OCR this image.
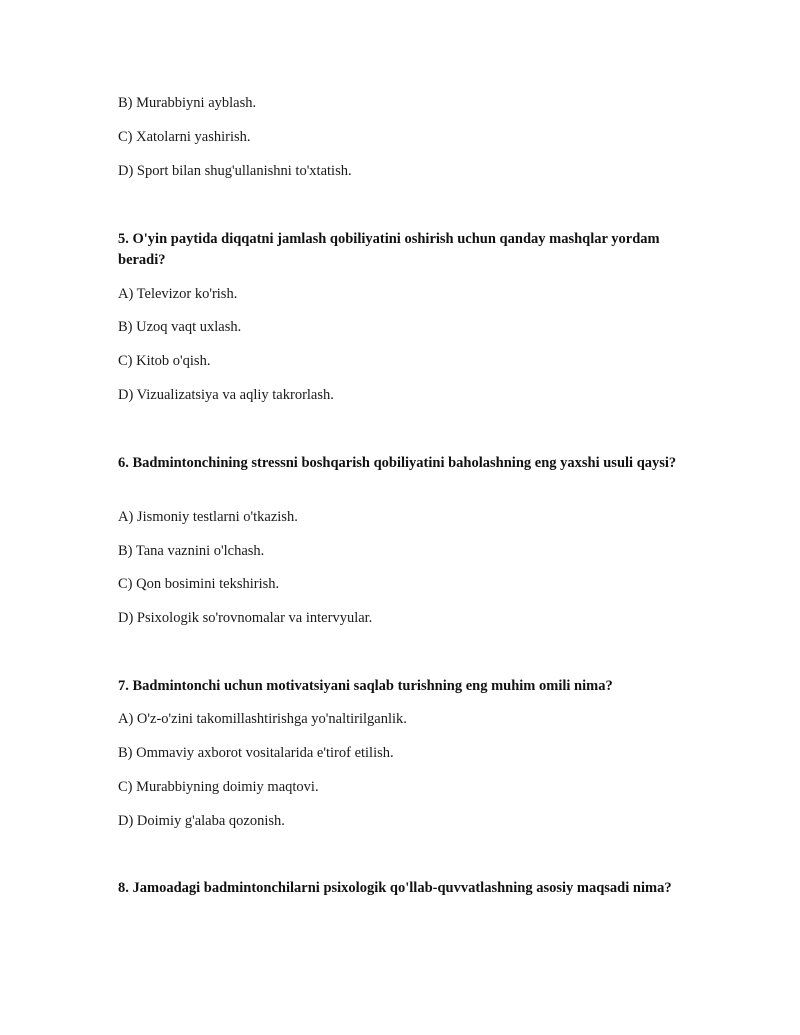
B) Murabbiyni ayblash.
C) Xatolarni yashirish.
D) Sport bilan shug'ullanishni to'xtatish.
5. O'yin paytida diqqatni jamlash qobiliyatini oshirish uchun qanday mashqlar yordam beradi?
A) Televizor ko'rish.
B) Uzoq vaqt uxlash.
C) Kitob o'qish.
D) Vizualizatsiya va aqliy takrorlash.
6. Badmintonchining stressni boshqarish qobiliyatini baholashning eng yaxshi usuli qaysi?
A) Jismoniy testlarni o'tkazish.
B) Tana vaznini o'lchash.
C) Qon bosimini tekshirish.
D) Psixologik so'rovnomalar va intervyular.
7. Badmintonchi uchun motivatsiyani saqlab turishning eng muhim omili nima?
A) O'z-o'zini takomillashtirishga yo'naltirilganlik.
B) Ommaviy axborot vositalarida e'tirof etilish.
C) Murabbiyning doimiy maqtovi.
D) Doimiy g'alaba qozonish.
8. Jamoadagi badmintonchilarni psixologik qo'llab-quvvatlashning asosiy maqsadi nima?
